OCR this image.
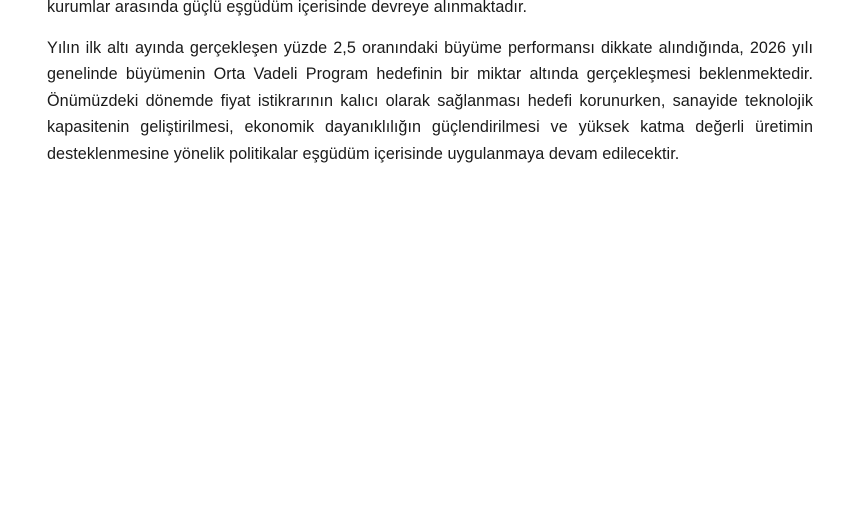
kurumlar arasında güçlü eşgüdüm içerisinde devreye alınmaktadır.

Yılın ilk altı ayında gerçekleşen yüzde 2,5 oranındaki büyüme performansı dikkate alındığında, 2026 yılı genelinde büyümenin Orta Vadeli Program hedefinin bir miktar altında gerçekleşmesi beklenmektedir. Önümüzdeki dönemde fiyat istikrarının kalıcı olarak sağlanması hedefi korunurken, sanayide teknolojik kapasitenin geliştirilmesi, ekonomik dayanıklılığın güçlendirilmesi ve yüksek katma değerli üretimin desteklenmesine yönelik politikalar eşgüdüm içerisinde uygulanmaya devam edilecektir.
